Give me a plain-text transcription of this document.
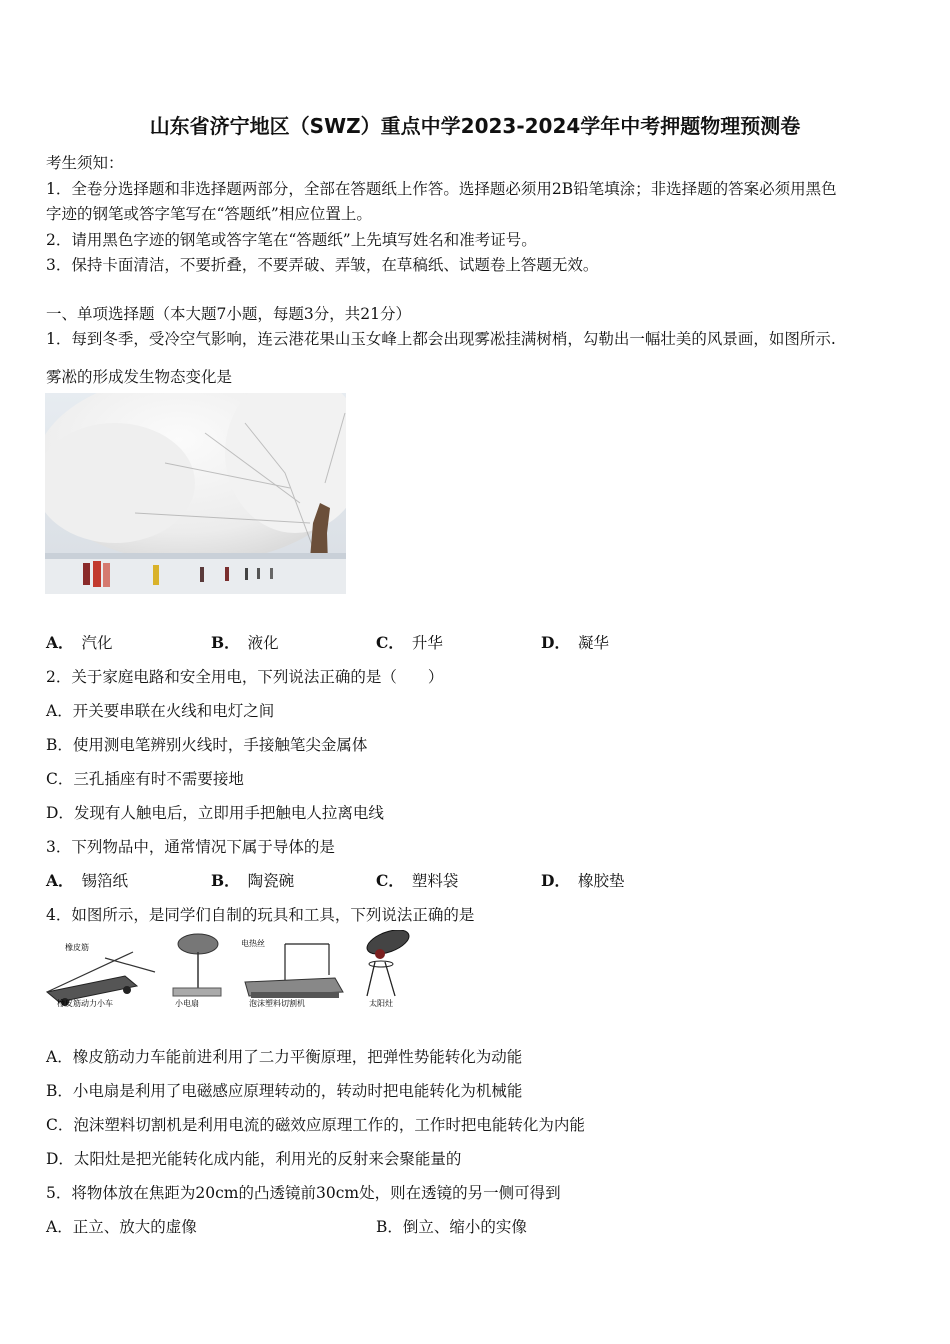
山东省济宁地区（SWZ）重点中学2023-2024学年中考押题物理预测卷
考生须知：
1．全卷分选择题和非选择题两部分，全部在答题纸上作答。选择题必须用2B铅笔填涂；非选择题的答案必须用黑色
字迹的钢笔或答字笔写在“答题纸”相应位置上。
2．请用黑色字迹的钢笔或答字笔在“答题纸”上先填写姓名和准考证号。
3．保持卡面清洁，不要折叠，不要弄破、弄皱，在草稿纸、试题卷上答题无效。
一、单项选择题（本大题7小题，每题3分，共21分）
1．每到冬季，受冷空气影响，连云港花果山玉女峰上都会出现雾凇挂满树梢，勾勒出一幅壮美的风景画，如图所示.
雾凇的形成发生物态变化是
A． 汽化	B． 液化	C． 升华	D． 凝华
2．关于家庭电路和安全用电，下列说法正确的是（　　）
A．开关要串联在火线和电灯之间
B．使用测电笔辨别火线时，手接触笔尖金属体
C．三孔插座有时不需要接地
D．发现有人触电后，立即用手把触电人拉离电线
3．下列物品中，通常情况下属于导体的是
A． 锡箔纸	B． 陶瓷碗	C． 塑料袋	D． 橡胶垫
4．如图所示，是同学们自制的玩具和工具，下列说法正确的是
橡皮筋
橡皮筋动力小车	小电扇
电热丝
泡沫塑料切割机	太阳灶
A．橡皮筋动力车能前进利用了二力平衡原理，把弹性势能转化为动能
B．小电扇是利用了电磁感应原理转动的，转动时把电能转化为机械能
C．泡沫塑料切割机是利用电流的磁效应原理工作的，工作时把电能转化为内能
D．太阳灶是把光能转化成内能，利用光的反射来会聚能量的
5．将物体放在焦距为20cm的凸透镜前30cm处，则在透镜的另一侧可得到
A．正立、放大的虚像	B．倒立、缩小的实像
